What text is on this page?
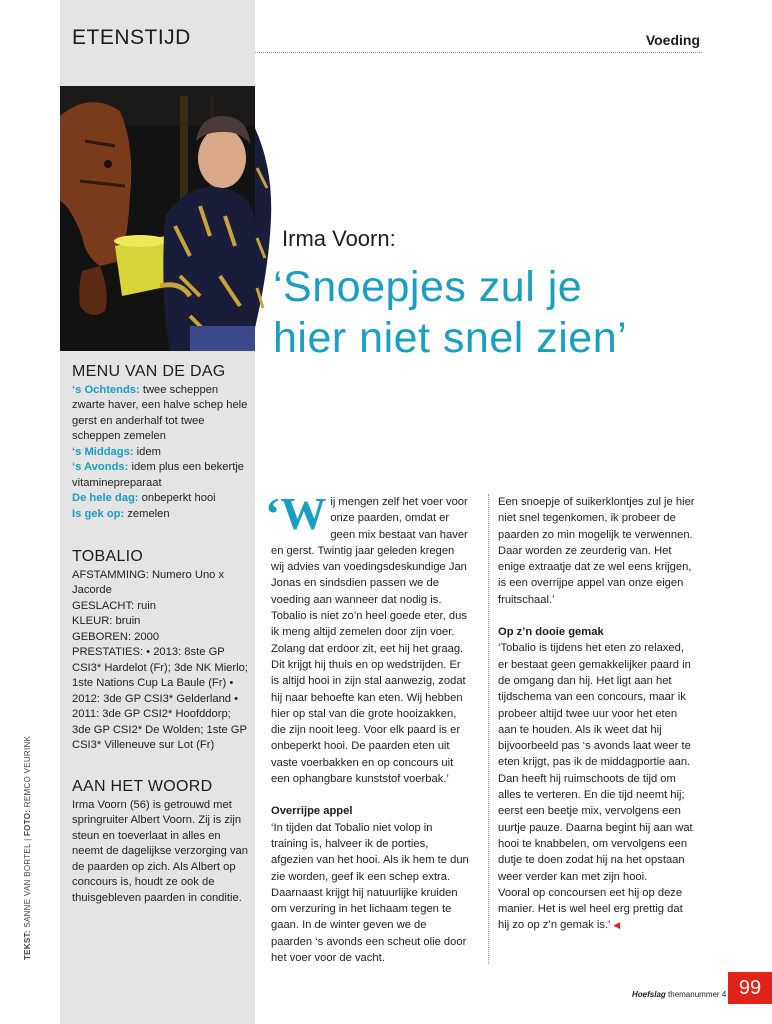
ETENSTIJD	Voeding
MENU VAN DE DAG

‘s Ochtends: twee scheppen zwarte haver, een halve schep hele gerst en anderhalf tot twee scheppen zemelen

‘s Middags: idem

‘s Avonds: idem plus een bekertje vitaminepreparaat

De hele dag: onbeperkt hooi

Is gek op: zemelen

TOBALIO

AFSTAMMING: Numero Uno x Jacorde

GESLACHT: ruin

KLEUR: bruin

GEBOREN: 2000

PRESTATIES: • 2013: 8ste GP CSI3* Hardelot (Fr); 3de NK Mierlo; 1ste Nations Cup La Baule (Fr) • 2012: 3de GP CSI3* Gelderland • 2011: 3de GP CSI2* Hoofddorp; 3de GP CSI2* De Wolden; 1ste GP CSI3* Villeneuve sur Lot (Fr)

AAN HET WOORD

Irma Voorn (56) is getrouwd met springruiter Albert Voorn. Zij is zijn steun en toeverlaat in alles en neemt de dagelijkse verzorging van de paarden op zich. Als Albert op concours is, houdt ze ook de thuisgebleven paarden in conditie.

TEKST: SANNE VAN BORTEL | FOTO: REMCO VEURINK
Irma Voorn:
‘Snoepjes zul je
hier niet snel zien’

‘Wij mengen zelf het voer voor onze paarden, omdat er geen mix bestaat van haver en gerst. Twintig jaar geleden kregen wij advies van voedingsdeskundige Jan Jonas en sindsdien passen we de voeding aan wanneer dat nodig is. Tobalio is niet zo’n heel goede eter, dus ik meng altijd zemelen door zijn voer. Zolang dat erdoor zit, eet hij het graag. Dit krijgt hij thuis en op wedstrijden. Er is altijd hooi in zijn stal aanwezig, zodat hij naar behoefte kan eten. Wij hebben hier op stal van die grote hooizakken, die zijn nooit leeg. Voor elk paard is er onbeperkt hooi. De paarden eten uit vaste voerbakken en op concours uit een ophangbare kunststof voerbak.’

Overrijpe appel

‘In tijden dat Tobalio niet volop in training is, halveer ik de porties, afgezien van het hooi. Als ik hem te dun zie worden, geef ik een schep extra. Daarnaast krijgt hij natuurlijke kruiden om verzuring in het lichaam tegen te gaan. In de winter geven we de paarden ‘s avonds een scheut olie door het voer voor de vacht.

Een snoepje of suikerklontjes zul je hier niet snel tegenkomen, ik probeer de paarden zo min mogelijk te verwennen. Daar worden ze zeurderig van. Het enige extraatje dat ze wel eens krijgen, is een overrijpe appel van onze eigen fruitschaal.’

Op z’n dooie gemak

‘Tobalio is tijdens het eten zo relaxed, er bestaat geen gemakkelijker paard in de omgang dan hij. Het ligt aan het tijdschema van een concours, maar ik probeer altijd twee uur voor het eten aan te houden. Als ik weet dat hij bijvoorbeeld pas ‘s avonds laat weer te eten krijgt, pas ik de middagportie aan. Dan heeft hij ruimschoots de tijd om alles te verteren. En die tijd neemt hij; eerst een beetje mix, vervolgens een uurtje pauze. Daarna begint hij aan wat hooi te knabbelen, om vervolgens een dutje te doen zodat hij na het opstaan weer verder kan met zijn hooi.

Vooral op concoursen eet hij op deze manier. Het is wel heel erg prettig dat hij zo op z’n gemak is.’ ◀

99
Hoefslag themanummer 4
